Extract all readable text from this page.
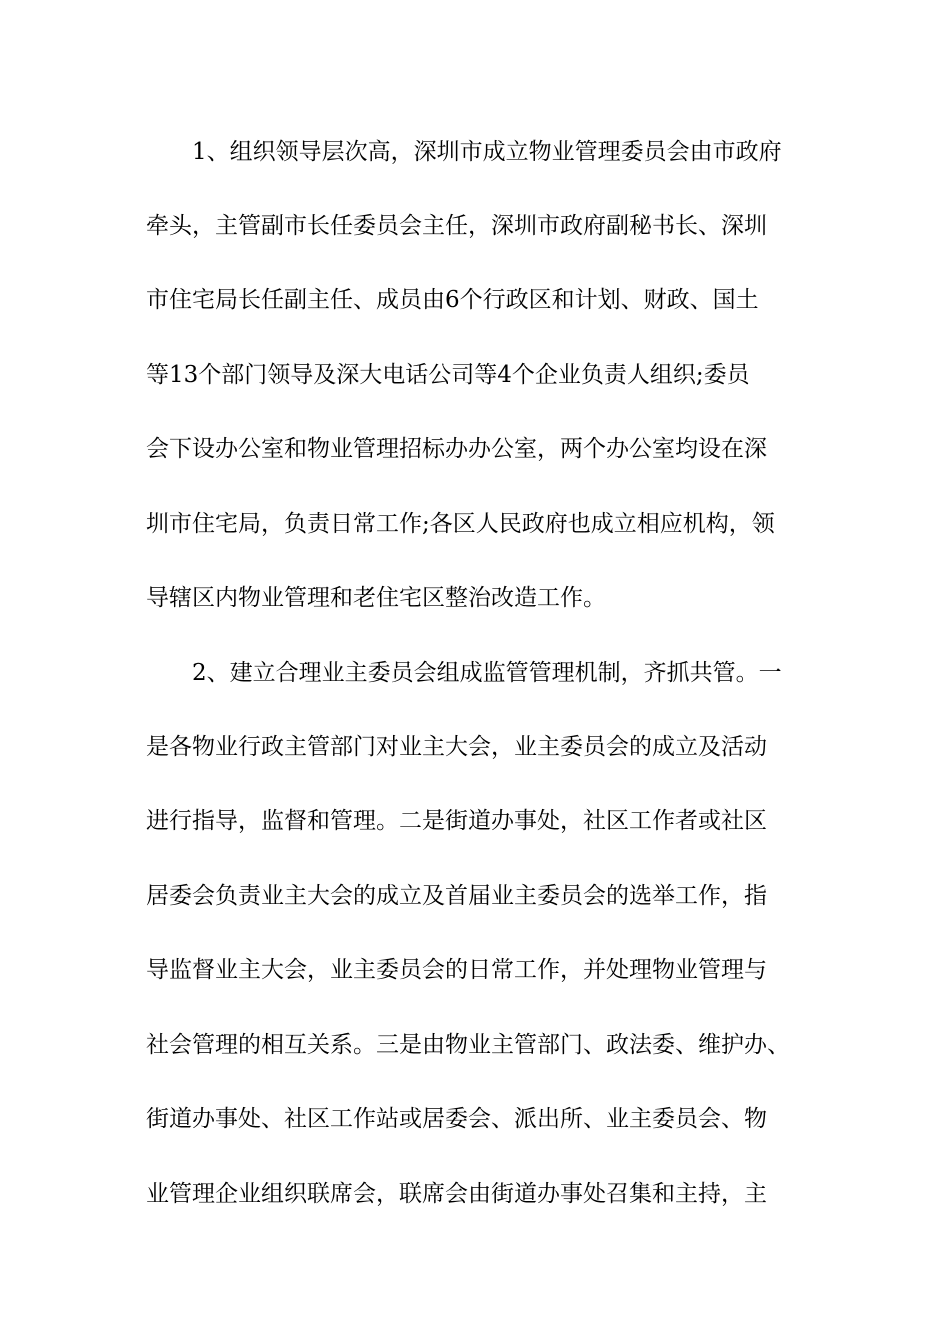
1、组织领导层次高，深圳市成立物业管理委员会由市政府
牵头，主管副市长任委员会主任，深圳市政府副秘书长、深圳
市住宅局长任副主任、成员由6个行政区和计划、财政、国土
等13个部门领导及深大电话公司等4个企业负责人组织;委员
会下设办公室和物业管理招标办办公室，两个办公室均设在深
圳市住宅局，负责日常工作;各区人民政府也成立相应机构，领
导辖区内物业管理和老住宅区整治改造工作。
2、建立合理业主委员会组成监管管理机制，齐抓共管。一
是各物业行政主管部门对业主大会，业主委员会的成立及活动
进行指导，监督和管理。二是街道办事处，社区工作者或社区
居委会负责业主大会的成立及首届业主委员会的选举工作，指
导监督业主大会，业主委员会的日常工作，并处理物业管理与
社会管理的相互关系。三是由物业主管部门、政法委、维护办、
街道办事处、社区工作站或居委会、派出所、业主委员会、物
业管理企业组织联席会，联席会由街道办事处召集和主持，主
